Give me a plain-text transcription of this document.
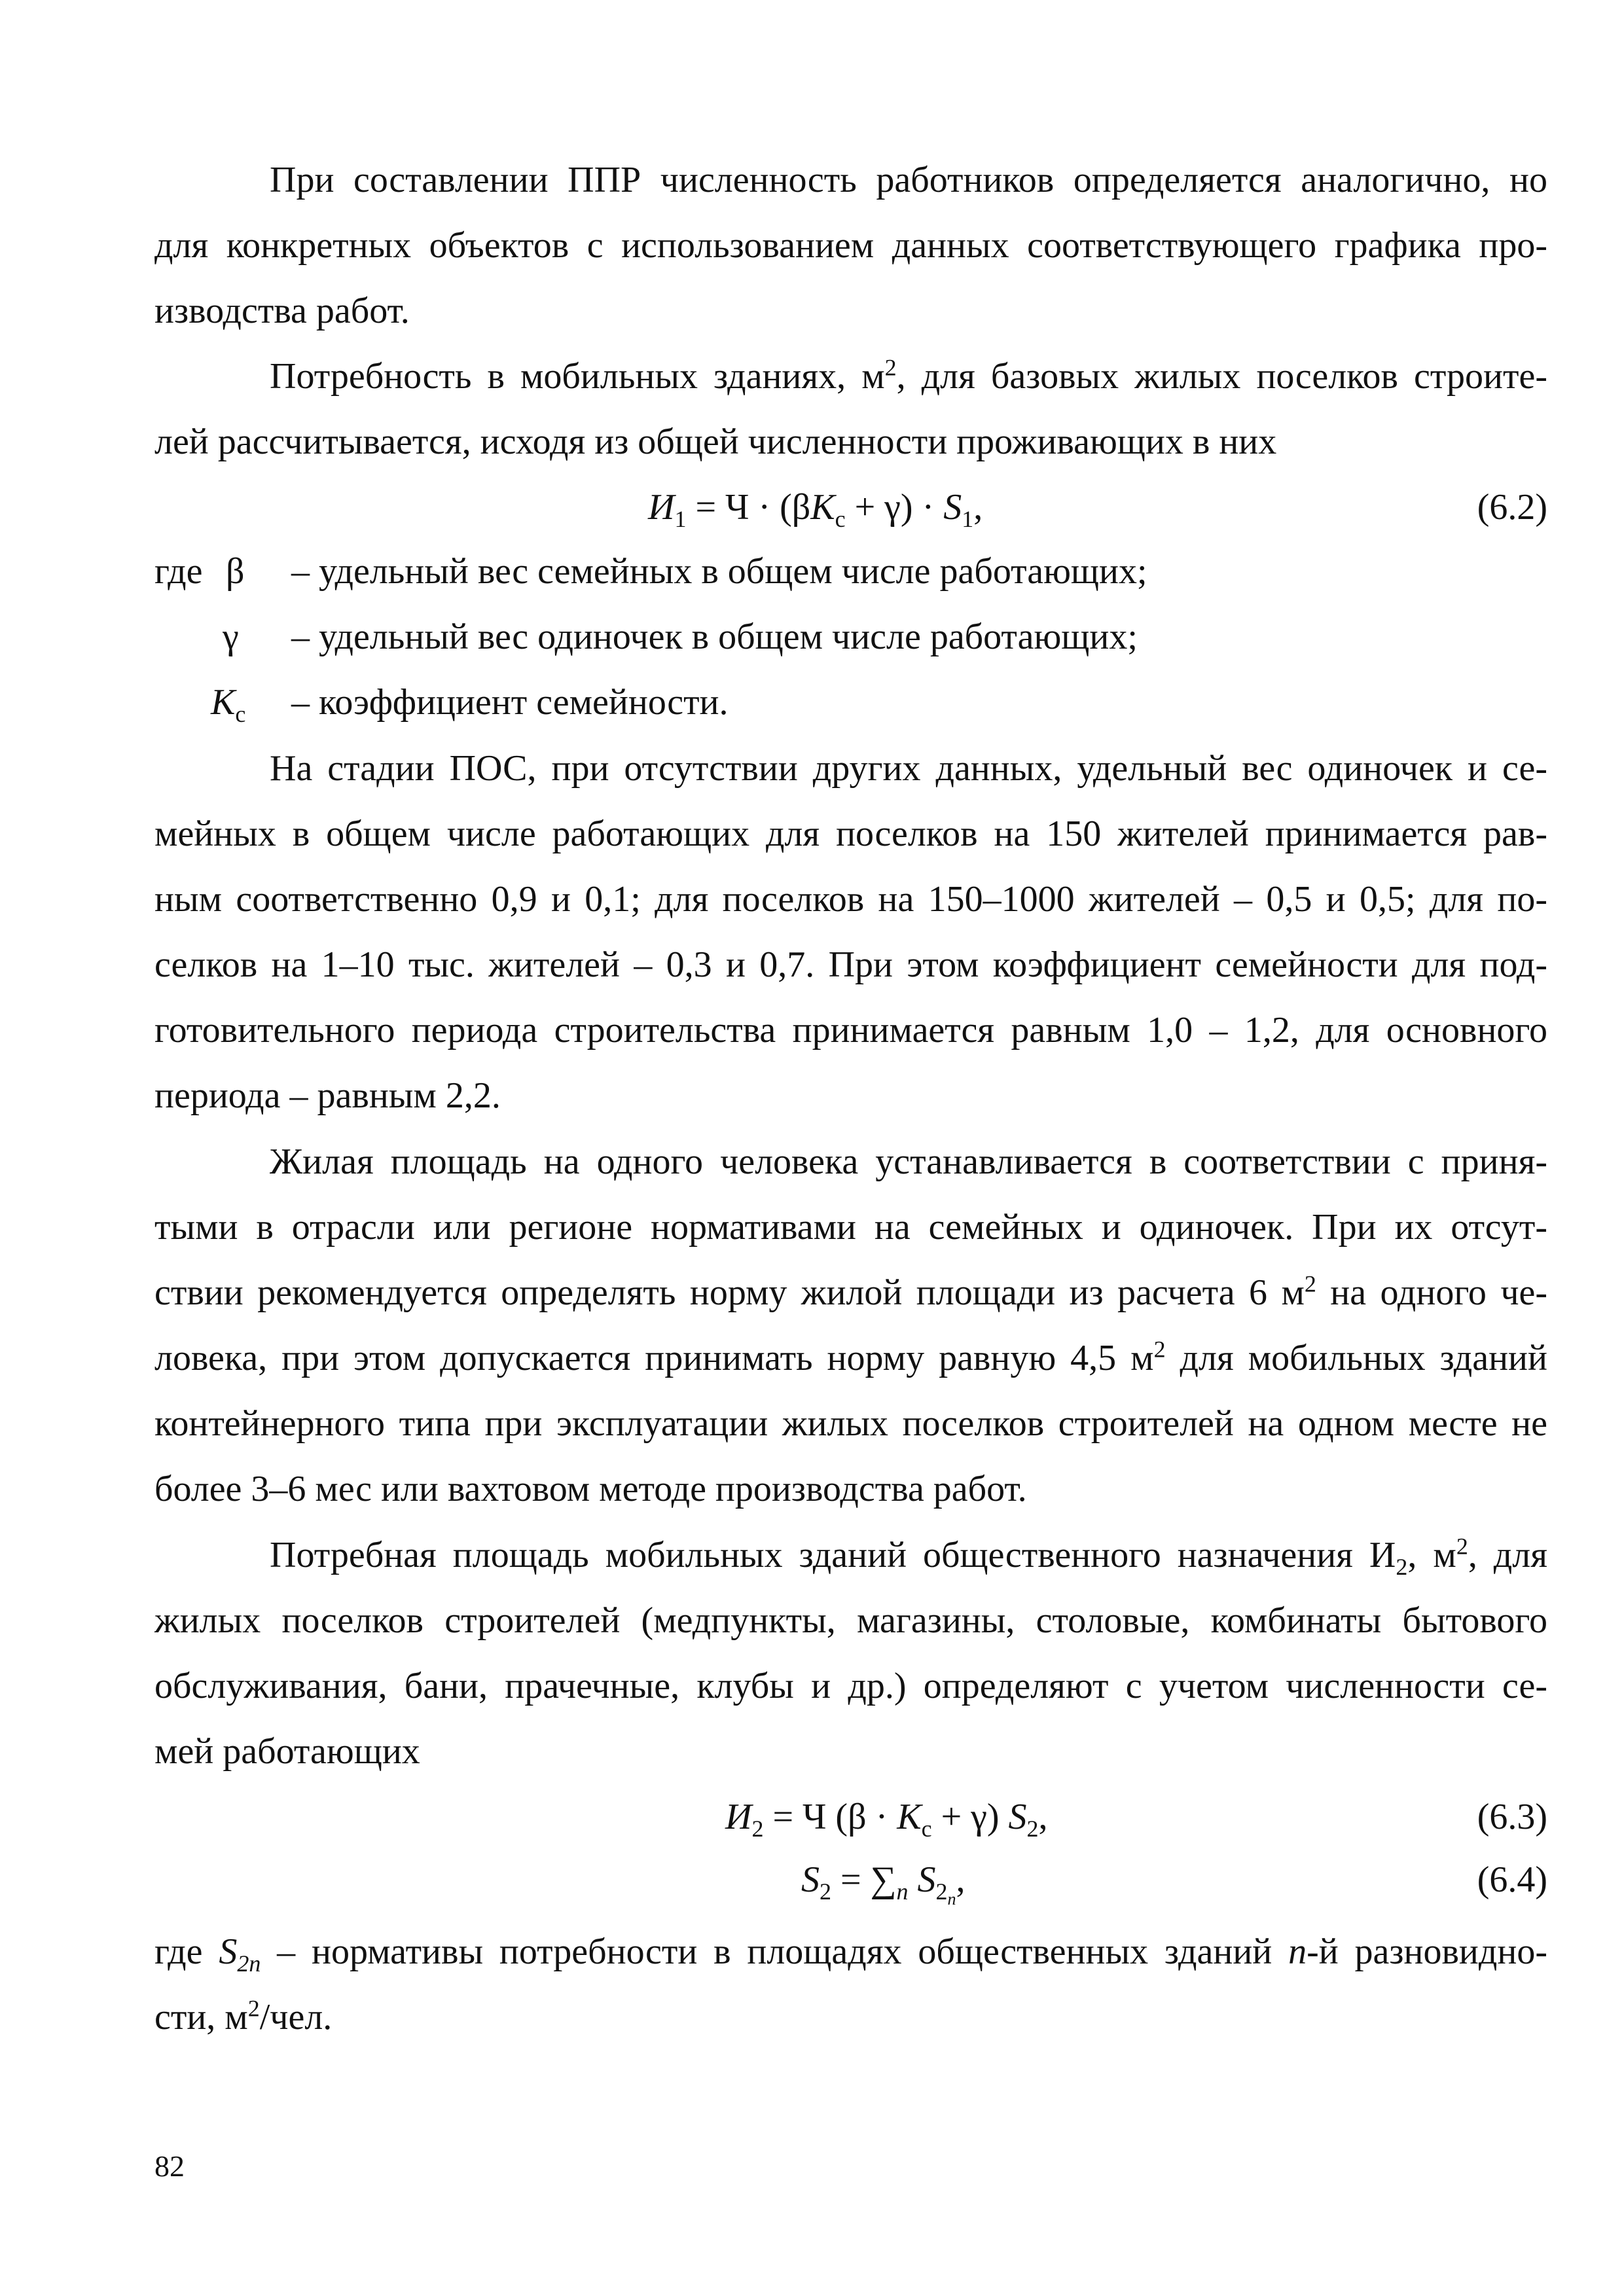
При составлении ППР численность работников определяется аналогично, но
для конкретных объектов с использованием данных соответствующего графика про-
изводства работ.
Потребность в мобильных зданиях, $м^2$, для базовых жилых поселков строите-
лей рассчитывается, исходя из общей численности проживающих в них
$И_1 = Ч \cdot (\beta K_с + \gamma) \cdot S_1$,	(6.2)
где β – удельный вес семейных в общем числе работающих;
γ – удельный вес одиночек в общем числе работающих;
$K_с$ – коэффициент семейности.
На стадии ПОС, при отсутствии других данных, удельный вес одиночек и се-
мейных в общем числе работающих для поселков на 150 жителей принимается рав-
ным соответственно 0,9 и 0,1; для поселков на 150–1000 жителей – 0,5 и 0,5; для по-
селков на 1–10 тыс. жителей – 0,3 и 0,7. При этом коэффициент семейности для под-
готовительного периода строительства принимается равным 1,0 – 1,2, для основного
периода – равным 2,2.
Жилая площадь на одного человека устанавливается в соответствии с приня-
тыми в отрасли или регионе нормативами на семейных и одиночек. При их отсут-
ствии рекомендуется определять норму жилой площади из расчета 6 $м^2$ на одного че-
ловека, при этом допускается принимать норму равную 4,5 $м^2$ для мобильных зданий
контейнерного типа при эксплуатации жилых поселков строителей на одном месте не
более 3–6 мес или вахтовом методе производства работ.
Потребная площадь мобильных зданий общественного назначения $И_2$, $м^2$, для
жилых поселков строителей (медпункты, магазины, столовые, комбинаты бытового
обслуживания, бани, прачечные, клубы и др.) определяют с учетом численности се-
мей работающих
$И_2 = Ч$ $(\beta \cdot K_с + \gamma)$ $S_2$,	(6.3)
$S_2 = \sum_n$ $S_{2_n}$,	(6.4)
где $S_{2n}$ – нормативы потребности в площадях общественных зданий n-й разновидно-
сти, $м^2$/чел.
82
